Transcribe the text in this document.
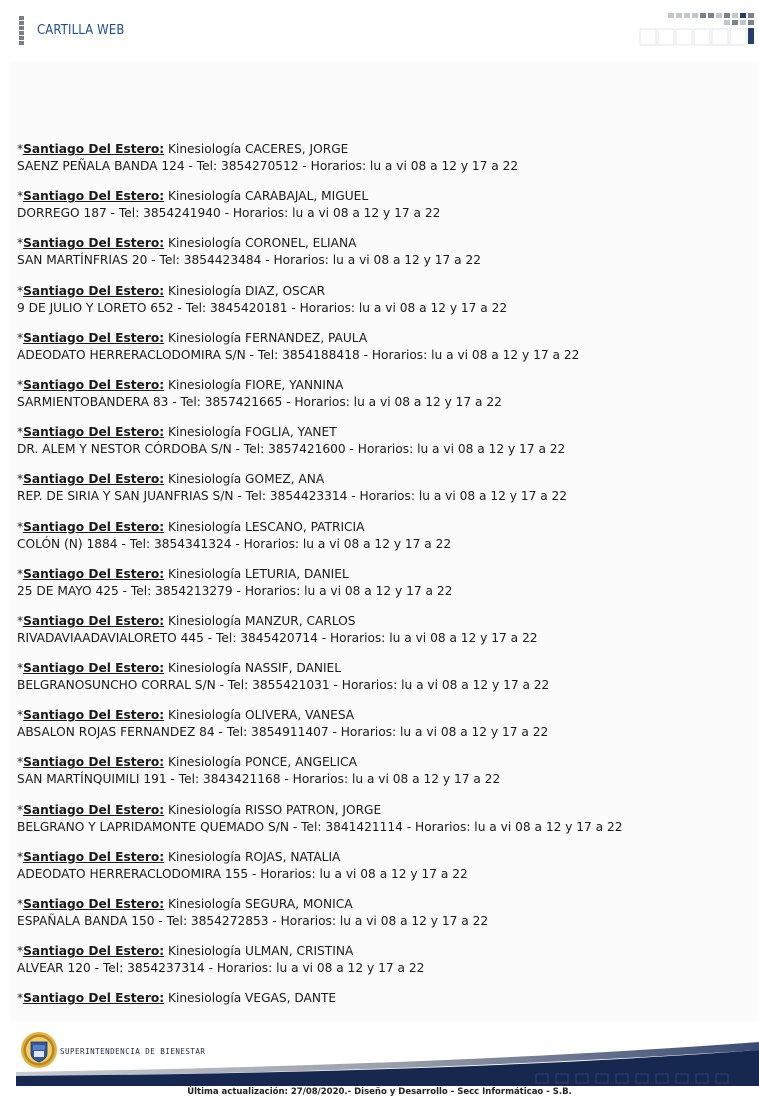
CARTILLA WEB
*Santiago Del Estero: Kinesiología CACERES, JORGE
SAENZ PEÑALA BANDA 124 - Tel: 3854270512 - Horarios: lu a vi 08 a 12 y 17 a 22
*Santiago Del Estero: Kinesiología CARABAJAL, MIGUEL
DORREGO 187 - Tel: 3854241940 - Horarios: lu a vi 08 a 12 y 17 a 22
*Santiago Del Estero: Kinesiología CORONEL, ELIANA
SAN MARTÍNFRIAS 20 - Tel: 3854423484 - Horarios: lu a vi 08 a 12 y 17 a 22
*Santiago Del Estero: Kinesiología DIAZ, OSCAR
9 DE JULIO Y LORETO 652 - Tel: 3845420181 - Horarios: lu a vi 08 a 12 y 17 a 22
*Santiago Del Estero: Kinesiología FERNANDEZ, PAULA
ADEODATO HERRERACLODOMIRA S/N - Tel: 3854188418 - Horarios: lu a vi 08 a 12 y 17 a 22
*Santiago Del Estero: Kinesiología FIORE, YANNINA
SARMIENTOBANDERA 83 - Tel: 3857421665 - Horarios: lu a vi 08 a 12 y 17 a 22
*Santiago Del Estero: Kinesiología FOGLIA, YANET
DR. ALEM Y NESTOR CÓRDOBA S/N - Tel: 3857421600 - Horarios: lu a vi 08 a 12 y 17 a 22
*Santiago Del Estero: Kinesiología GOMEZ, ANA
REP. DE SIRIA Y SAN JUANFRIAS S/N - Tel: 3854423314 - Horarios: lu a vi 08 a 12 y 17 a 22
*Santiago Del Estero: Kinesiología LESCANO, PATRICIA
COLÓN (N) 1884 - Tel: 3854341324 - Horarios: lu a vi 08 a 12 y 17 a 22
*Santiago Del Estero: Kinesiología LETURIA, DANIEL
25 DE MAYO 425 - Tel: 3854213279 - Horarios: lu a vi 08 a 12 y 17 a 22
*Santiago Del Estero: Kinesiología MANZUR, CARLOS
RIVADAVIAADAVIALORETO 445 - Tel: 3845420714 - Horarios: lu a vi 08 a 12 y 17 a 22
*Santiago Del Estero: Kinesiología NASSIF, DANIEL
BELGRANOSUNCHO CORRAL S/N - Tel: 3855421031 - Horarios: lu a vi 08 a 12 y 17 a 22
*Santiago Del Estero: Kinesiología OLIVERA, VANESA
ABSALON ROJAS FERNANDEZ 84 - Tel: 3854911407 - Horarios: lu a vi 08 a 12 y 17 a 22
*Santiago Del Estero: Kinesiología PONCE, ANGELICA
SAN MARTÍNQUIMILI 191 - Tel: 3843421168 - Horarios: lu a vi 08 a 12 y 17 a 22
*Santiago Del Estero: Kinesiología RISSO PATRON, JORGE
BELGRANO Y LAPRIDAMONTE QUEMADO S/N - Tel: 3841421114 - Horarios: lu a vi 08 a 12 y 17 a 22
*Santiago Del Estero: Kinesiología ROJAS, NATALIA
ADEODATO HERRERACLODOMIRA 155 - Horarios: lu a vi 08 a 12 y 17 a 22
*Santiago Del Estero: Kinesiología SEGURA, MONICA
ESPAÑALA BANDA 150 - Tel: 3854272853 - Horarios: lu a vi 08 a 12 y 17 a 22
*Santiago Del Estero: Kinesiología ULMAN, CRISTINA
ALVEAR 120 - Tel: 3854237314 - Horarios: lu a vi 08 a 12 y 17 a 22
*Santiago Del Estero: Kinesiología VEGAS, DANTE
SUPERINTENDENCIA DE BIENESTAR
Última actualización: 27/08/2020.- Diseño y Desarrollo - Secc Informáticao - S.B.
